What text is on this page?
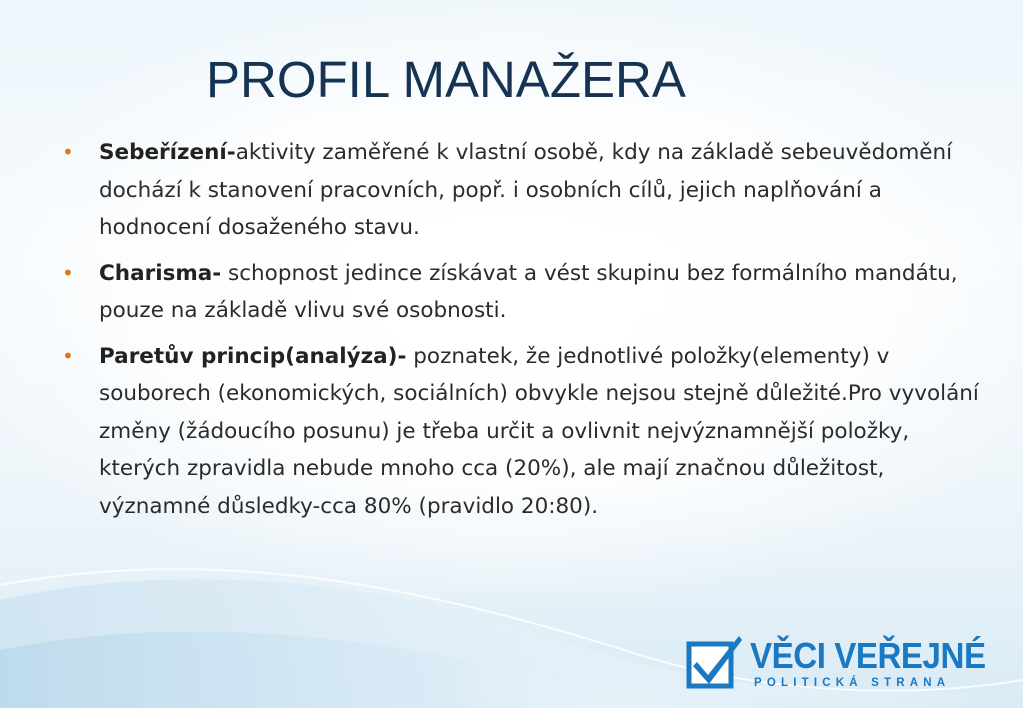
PROFIL MANAŽERA
• Sebeřízení-aktivity zaměřené k vlastní osobě, kdy na základě sebeuvědomění dochází k stanovení pracovních, popř. i osobních cílů, jejich naplňování a hodnocení dosaženého stavu.
• Charisma- schopnost jedince získávat a vést skupinu bez formálního mandátu, pouze na základě vlivu své osobnosti.
• Paretův princip(analýza)- poznatek, že jednotlivé položky(elementy) v souborech (ekonomických, sociálních) obvykle nejsou stejně důležité.Pro vyvolání změny (žádoucího posunu) je třeba určit a ovlivnit nejvýznamnější položky, kterých zpravidla nebude mnoho cca (20%), ale mají značnou důležitost, významné důsledky-cca 80% (pravidlo 20:80).
VĚCI VEŘEJNÉ
POLITICKÁ STRANA
